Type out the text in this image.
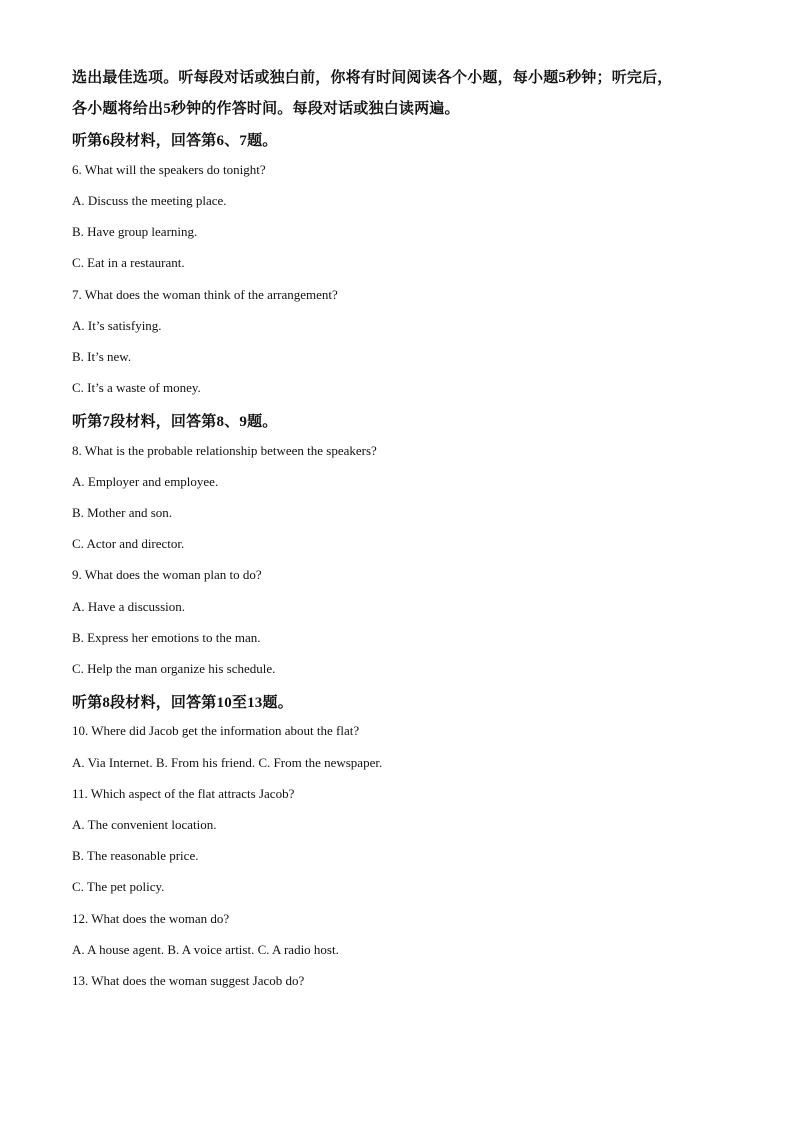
选出最佳选项。听每段对话或独白前，你将有时间阅读各个小题，每小题5秒钟；听完后，
各小题将给出5秒钟的作答时间。每段对话或独白读两遍。
听第6段材料，回答第6、7题。
6. What will the speakers do tonight?
A. Discuss the meeting place.
B. Have group learning.
C. Eat in a restaurant.
7. What does the woman think of the arrangement?
A. It’s satisfying.
B. It’s new.
C. It’s a waste of money.
听第7段材料，回答第8、9题。
8. What is the probable relationship between the speakers?
A. Employer and employee.
B. Mother and son.
C. Actor and director.
9. What does the woman plan to do?
A. Have a discussion.
B. Express her emotions to the man.
C. Help the man organize his schedule.
听第8段材料，回答第10至13题。
10. Where did Jacob get the information about the flat?
A. Via Internet. B. From his friend. C. From the newspaper.
11. Which aspect of the flat attracts Jacob?
A. The convenient location.
B. The reasonable price.
C. The pet policy.
12. What does the woman do?
A. A house agent. B. A voice artist. C. A radio host.
13. What does the woman suggest Jacob do?
